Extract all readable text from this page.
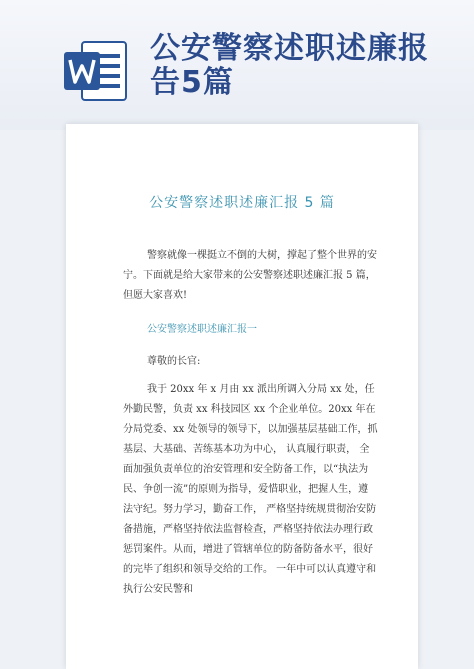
公安警察述职述廉报告5篇
公安警察述职述廉汇报 5 篇

警察就像一棵挺立不倒的大树，撑起了整个世界的安宁。下面就是给大家带来的公安警察述职述廉汇报 5 篇，但愿大家喜欢!

公安警察述职述廉汇报一

尊敬的长官:

我于 20xx 年 x 月由 xx 派出所调入分局 xx 处，任外勤民警，负责 xx 科技园区 xx 个企业单位。20xx 年在分局党委、xx 处领导的领导下，以加强基层基础工作，抓基层、大基础、苦练基本功为中心， 认真履行职责， 全面加强负责单位的治安管理和安全防备工作，以“执法为民、争创一流”的原则为指导，爱惜职业，把握人生，遵法守纪。努力学习，勤奋工作， 严格坚持统规贯彻治安防备措施，严格坚持依法监督检查，严格坚持依法办理行政惩罚案件。从而，增进了管辖单位的防备防备水平，很好的完毕了组织和领导交给的工作。 一年中可以认真遵守和执行公安民警和
